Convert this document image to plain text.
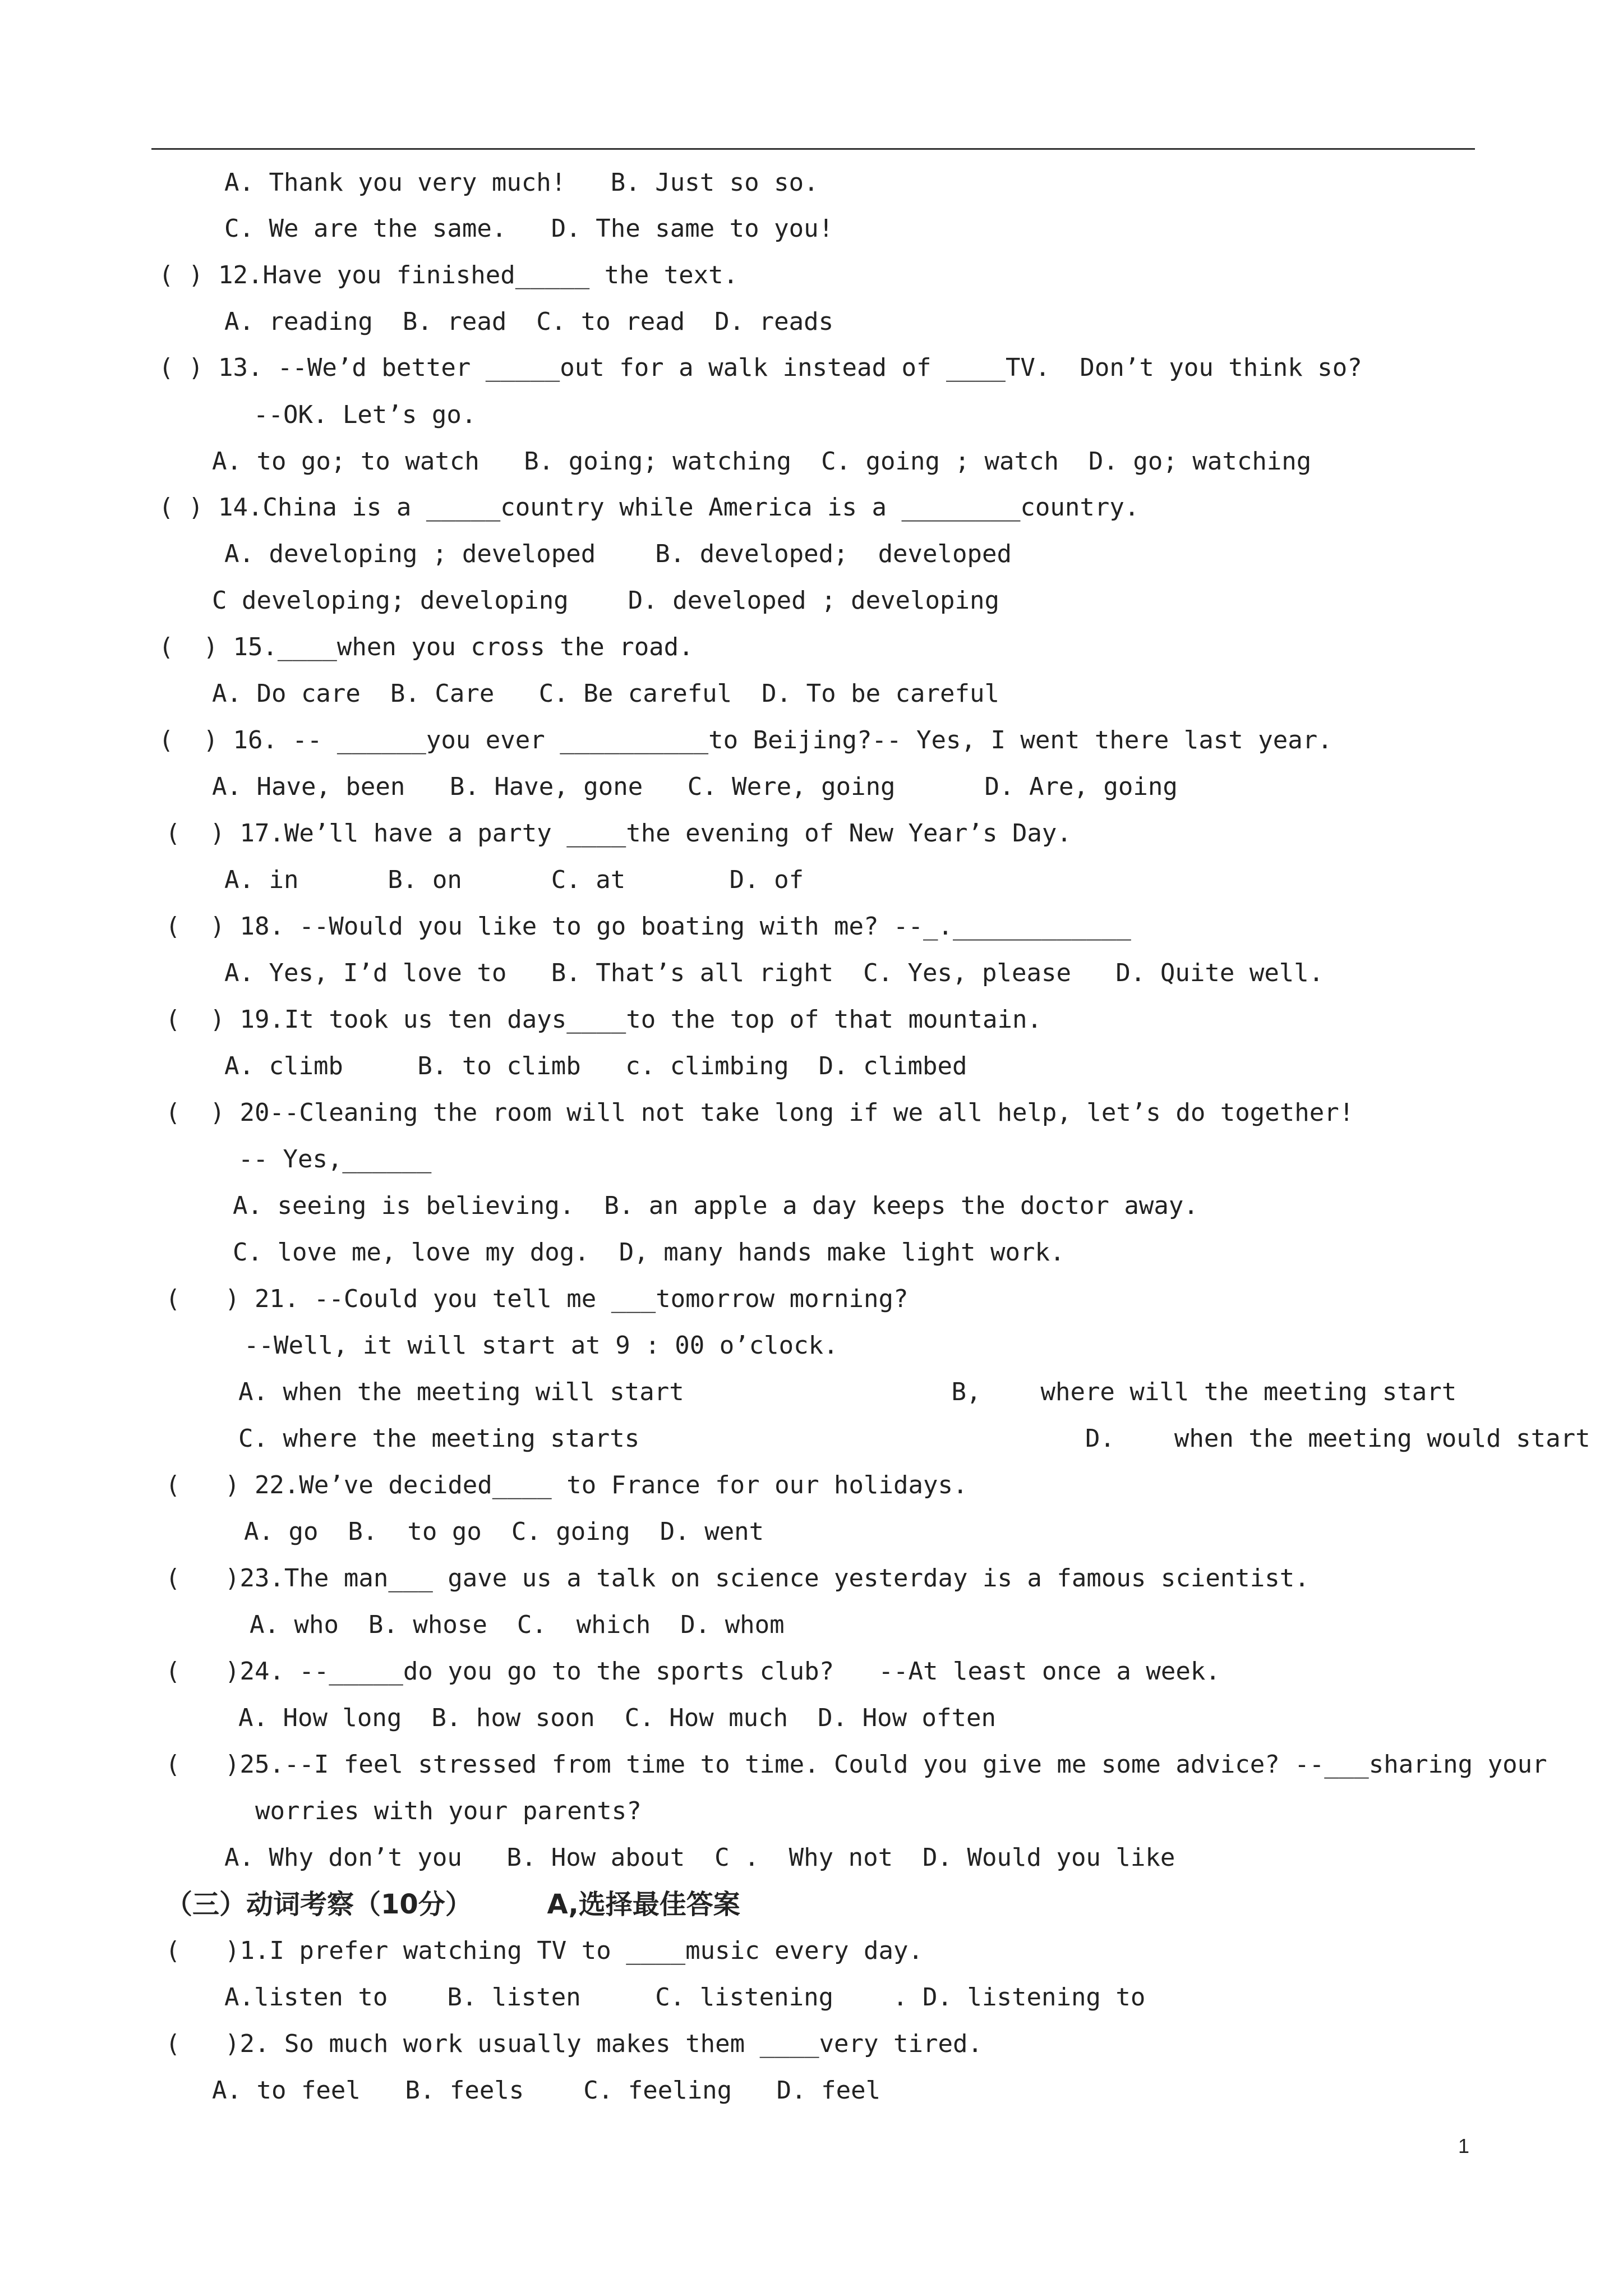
A. Thank you very much!   B. Just so so.
C. We are the same.   D. The same to you!
( ) 12.Have you finished_____ the text.
A. reading  B. read  C. to read  D. reads
( ) 13. --We’d better _____out for a walk instead of ____TV.  Don’t you think so?
--OK. Let’s go.
A. to go; to watch   B. going; watching  C. going ; watch  D. go; watching
( ) 14.China is a _____country while America is a ________country.
A. developing ; developed    B. developed;  developed
C developing; developing    D. developed ; developing
(  ) 15.____when you cross the road.
A. Do care  B. Care   C. Be careful  D. To be careful
(  ) 16. -- ______you ever __________to Beijing?-- Yes, I went there last year.
A. Have, been   B. Have, gone   C. Were, going      D. Are, going
(  ) 17.We’ll have a party ____the evening of New Year’s Day.
A. in      B. on      C. at       D. of
(  ) 18. --Would you like to go boating with me? --_.____________
A. Yes, I’d love to   B. That’s all right  C. Yes, please   D. Quite well.
(  ) 19.It took us ten days____to the top of that mountain.
A. climb     B. to climb   c. climbing  D. climbed
(  ) 20--Cleaning the room will not take long if we all help, let’s do together!
-- Yes,______
A. seeing is believing.  B. an apple a day keeps the doctor away.
C. love me, love my dog.  D, many hands make light work.
(   ) 21. --Could you tell me ___tomorrow morning?
--Well, it will start at 9 : 00 o’clock.
A. when the meeting will start                  B,    where will the meeting start
C. where the meeting starts                              D.    when the meeting would start
(   ) 22.We’ve decided____ to France for our holidays.
A. go  B.  to go  C. going  D. went
(   )23.The man___ gave us a talk on science yesterday is a famous scientist.
A. who  B. whose  C.  which  D. whom
(   )24. --_____do you go to the sports club?   --At least once a week.
A. How long  B. how soon  C. How much  D. How often
(   )25.--I feel stressed from time to time. Could you give me some advice? --___sharing your
worries with your parents?
A. Why don’t you   B. How about  C .  Why not  D. Would you like
（三）动词考察（10分）        A,选择最佳答案
(   )1.I prefer watching TV to ____music every day.
A.listen to    B. listen     C. listening    . D. listening to
(   )2. So much work usually makes them ____very tired.
A. to feel   B. feels    C. feeling   D. feel
1
